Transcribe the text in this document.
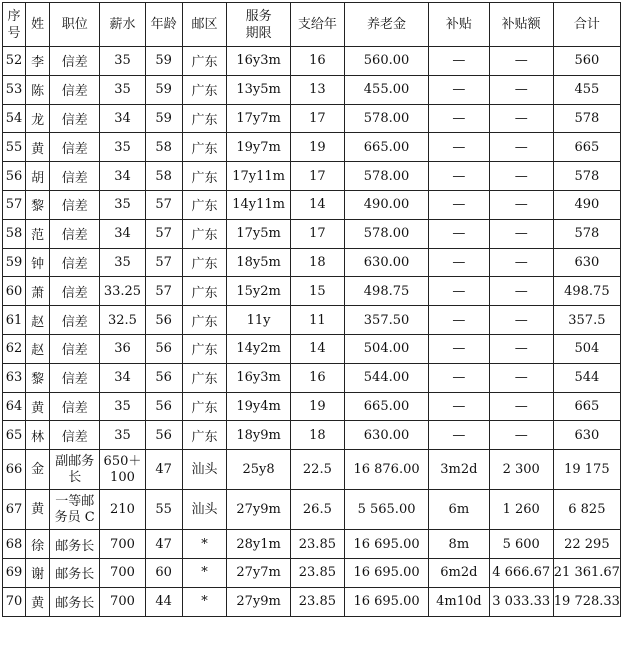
序号	姓	职位	薪水	年龄	邮区	服务期限	支给年	养老金	补贴	补贴额	合计
52	李	信差	35	59	广东	16y3m	16	560.00	—	—	560
53	陈	信差	35	59	广东	13y5m	13	455.00	—	—	455
54	龙	信差	34	59	广东	17y7m	17	578.00	—	—	578
55	黄	信差	35	58	广东	19y7m	19	665.00	—	—	665
56	胡	信差	34	58	广东	17y11m	17	578.00	—	—	578
57	黎	信差	35	57	广东	14y11m	14	490.00	—	—	490
58	范	信差	34	57	广东	17y5m	17	578.00	—	—	578
59	钟	信差	35	57	广东	18y5m	18	630.00	—	—	630
60	萧	信差	33.25	57	广东	15y2m	15	498.75	—	—	498.75
61	赵	信差	32.5	56	广东	11y	11	357.50	—	—	357.5
62	赵	信差	36	56	广东	14y2m	14	504.00	—	—	504
63	黎	信差	34	56	广东	16y3m	16	544.00	—	—	544
64	黄	信差	35	56	广东	19y4m	19	665.00	—	—	665
65	林	信差	35	56	广东	18y9m	18	630.00	—	—	630
66	金	副邮务长	650＋100	47	汕头	25y8	22.5	16 876.00	3m2d	2 300	19 175
67	黄	一等邮务员 C	210	55	汕头	27y9m	26.5	5 565.00	6m	1 260	6 825
68	徐	邮务长	700	47	*	28y1m	23.85	16 695.00	8m	5 600	22 295
69	谢	邮务长	700	60	*	27y7m	23.85	16 695.00	6m2d	4 666.67	21 361.67
70	黄	邮务长	700	44	*	27y9m	23.85	16 695.00	4m10d	3 033.33	19 728.33
